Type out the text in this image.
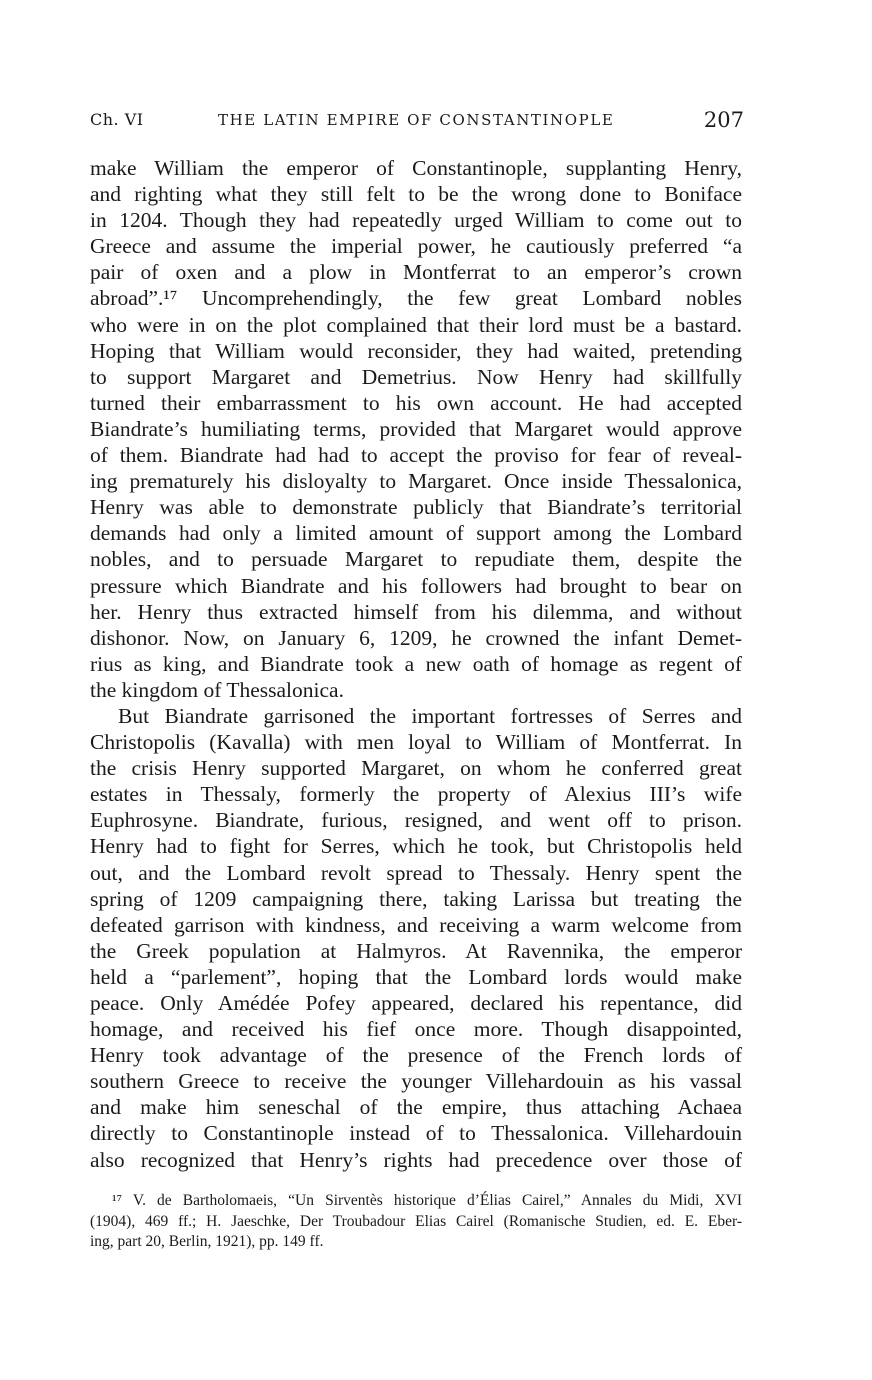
Ch. VI	THE LATIN EMPIRE OF CONSTANTINOPLE	207
make William the emperor of Constantinople, supplanting Henry,
and righting what they still felt to be the wrong done to Boniface
in 1204. Though they had repeatedly urged William to come out to
Greece and assume the imperial power, he cautiously preferred “a
pair of oxen and a plow in Montferrat to an emperor’s crown
abroad”.¹⁷ Uncomprehendingly, the few great Lombard nobles
who were in on the plot complained that their lord must be a bastard.
Hoping that William would reconsider, they had waited, pretending
to support Margaret and Demetrius. Now Henry had skillfully
turned their embarrassment to his own account. He had accepted
Biandrate’s humiliating terms, provided that Margaret would approve
of them. Biandrate had had to accept the proviso for fear of reveal-
ing prematurely his disloyalty to Margaret. Once inside Thessalonica,
Henry was able to demonstrate publicly that Biandrate’s territorial
demands had only a limited amount of support among the Lombard
nobles, and to persuade Margaret to repudiate them, despite the
pressure which Biandrate and his followers had brought to bear on
her. Henry thus extracted himself from his dilemma, and without
dishonor. Now, on January 6, 1209, he crowned the infant Demet-
rius as king, and Biandrate took a new oath of homage as regent of
the kingdom of Thessalonica.
But Biandrate garrisoned the important fortresses of Serres and
Christopolis (Kavalla) with men loyal to William of Montferrat. In
the crisis Henry supported Margaret, on whom he conferred great
estates in Thessaly, formerly the property of Alexius III’s wife
Euphrosyne. Biandrate, furious, resigned, and went off to prison.
Henry had to fight for Serres, which he took, but Christopolis held
out, and the Lombard revolt spread to Thessaly. Henry spent the
spring of 1209 campaigning there, taking Larissa but treating the
defeated garrison with kindness, and receiving a warm welcome from
the Greek population at Halmyros. At Ravennika, the emperor
held a “parlement”, hoping that the Lombard lords would make
peace. Only Amédée Pofey appeared, declared his repentance, did
homage, and received his fief once more. Though disappointed,
Henry took advantage of the presence of the French lords of
southern Greece to receive the younger Villehardouin as his vassal
and make him seneschal of the empire, thus attaching Achaea
directly to Constantinople instead of to Thessalonica. Villehardouin
also recognized that Henry’s rights had precedence over those of
¹⁷ V. de Bartholomaeis, “Un Sirventès historique d’Élias Cairel,” Annales du Midi, XVI
(1904), 469 ff.; H. Jaeschke, Der Troubadour Elias Cairel (Romanische Studien, ed. E. Eber-
ing, part 20, Berlin, 1921), pp. 149 ff.
